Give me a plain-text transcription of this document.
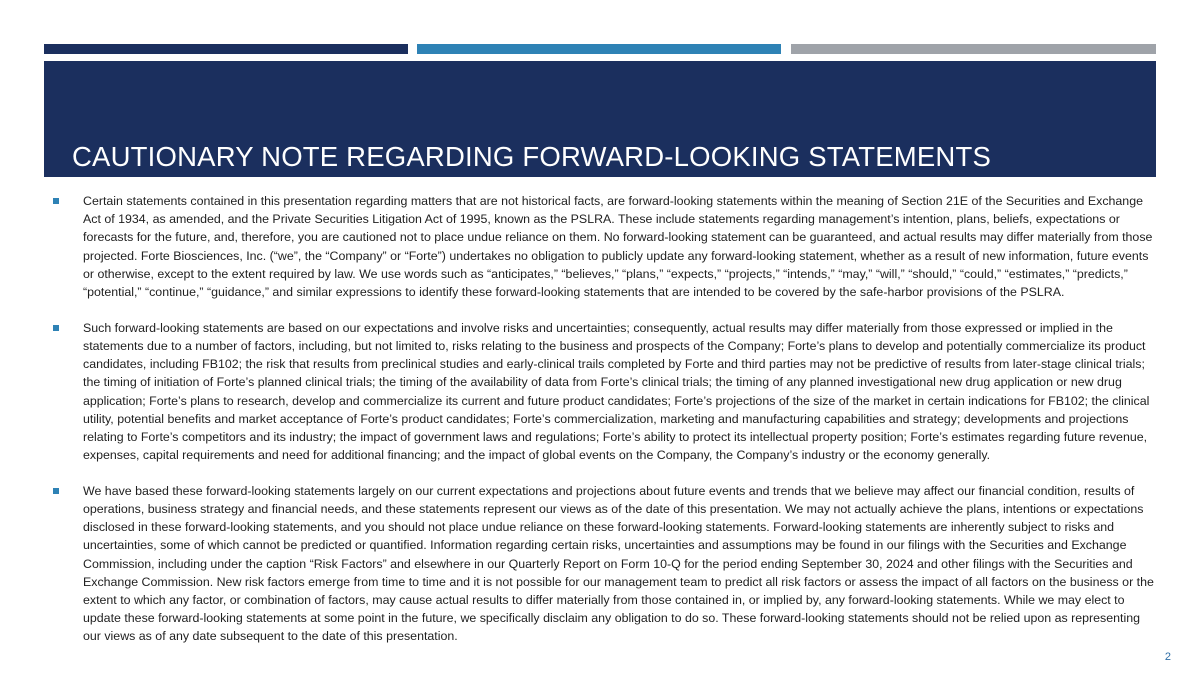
CAUTIONARY NOTE REGARDING FORWARD-LOOKING STATEMENTS

Certain statements contained in this presentation regarding matters that are not historical facts, are forward-looking statements within the meaning of Section 21E of the Securities and Exchange Act of 1934, as amended, and the Private Securities Litigation Act of 1995, known as the PSLRA. These include statements regarding management’s intention, plans, beliefs, expectations or forecasts for the future, and, therefore, you are cautioned not to place undue reliance on them. No forward-looking statement can be guaranteed, and actual results may differ materially from those projected. Forte Biosciences, Inc. (“we”, the “Company” or “Forte”) undertakes no obligation to publicly update any forward-looking statement, whether as a result of new information, future events or otherwise, except to the extent required by law. We use words such as “anticipates,” “believes,” “plans,” “expects,” “projects,” “intends,” “may,” “will,” “should,” “could,” “estimates,” “predicts,” “potential,” “continue,” “guidance,” and similar expressions to identify these forward-looking statements that are intended to be covered by the safe-harbor provisions of the PSLRA.

Such forward-looking statements are based on our expectations and involve risks and uncertainties; consequently, actual results may differ materially from those expressed or implied in the statements due to a number of factors, including, but not limited to, risks relating to the business and prospects of the Company; Forte’s plans to develop and potentially commercialize its product candidates, including FB102; the risk that results from preclinical studies and early-clinical trails completed by Forte and third parties may not be predictive of results from later-stage clinical trials; the timing of initiation of Forte’s planned clinical trials; the timing of the availability of data from Forte’s clinical trials; the timing of any planned investigational new drug application or new drug application; Forte’s plans to research, develop and commercialize its current and future product candidates; Forte’s projections of the size of the market in certain indications for FB102; the clinical utility, potential benefits and market acceptance of Forte’s product candidates; Forte’s commercialization, marketing and manufacturing capabilities and strategy; developments and projections relating to Forte’s competitors and its industry; the impact of government laws and regulations; Forte’s ability to protect its intellectual property position; Forte’s estimates regarding future revenue, expenses, capital requirements and need for additional financing; and the impact of global events on the Company, the Company’s industry or the economy generally.

We have based these forward-looking statements largely on our current expectations and projections about future events and trends that we believe may affect our financial condition, results of operations, business strategy and financial needs, and these statements represent our views as of the date of this presentation. We may not actually achieve the plans, intentions or expectations disclosed in these forward-looking statements, and you should not place undue reliance on these forward-looking statements. Forward-looking statements are inherently subject to risks and uncertainties, some of which cannot be predicted or quantified. Information regarding certain risks, uncertainties and assumptions may be found in our filings with the Securities and Exchange Commission, including under the caption “Risk Factors” and elsewhere in our Quarterly Report on Form 10-Q for the period ending September 30, 2024 and other filings with the Securities and Exchange Commission. New risk factors emerge from time to time and it is not possible for our management team to predict all risk factors or assess the impact of all factors on the business or the extent to which any factor, or combination of factors, may cause actual results to differ materially from those contained in, or implied by, any forward-looking statements. While we may elect to update these forward-looking statements at some point in the future, we specifically disclaim any obligation to do so. These forward-looking statements should not be relied upon as representing our views as of any date subsequent to the date of this presentation.

2
